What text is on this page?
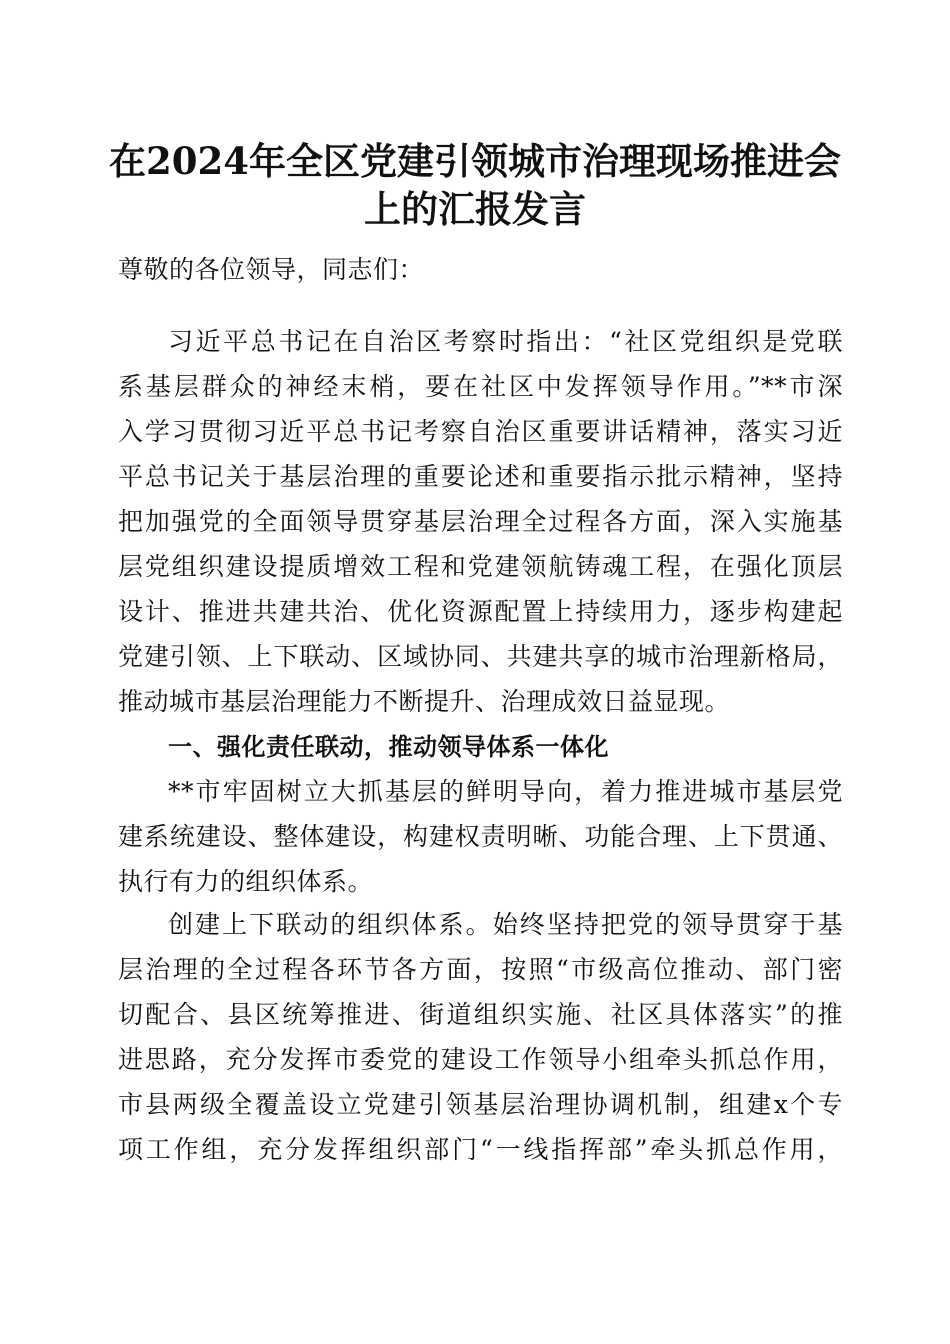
在2024年全区党建引领城市治理现场推进会
上的汇报发言
尊敬的各位领导，同志们：
习近平总书记在自治区考察时指出：“社区党组织是党联
系基层群众的神经末梢，要在社区中发挥领导作用。”**市深
入学习贯彻习近平总书记考察自治区重要讲话精神，落实习近
平总书记关于基层治理的重要论述和重要指示批示精神，坚持
把加强党的全面领导贯穿基层治理全过程各方面，深入实施基
层党组织建设提质增效工程和党建领航铸魂工程，在强化顶层
设计、推进共建共治、优化资源配置上持续用力，逐步构建起
党建引领、上下联动、区域协同、共建共享的城市治理新格局，
推动城市基层治理能力不断提升、治理成效日益显现。
一、强化责任联动，推动领导体系一体化
**市牢固树立大抓基层的鲜明导向，着力推进城市基层党
建系统建设、整体建设，构建权责明晰、功能合理、上下贯通、
执行有力的组织体系。
创建上下联动的组织体系。始终坚持把党的领导贯穿于基
层治理的全过程各环节各方面，按照“市级高位推动、部门密
切配合、县区统筹推进、街道组织实施、社区具体落实”的推
进思路，充分发挥市委党的建设工作领导小组牵头抓总作用，
市县两级全覆盖设立党建引领基层治理协调机制，组建x个专
项工作组，充分发挥组织部门“一线指挥部”牵头抓总作用，
